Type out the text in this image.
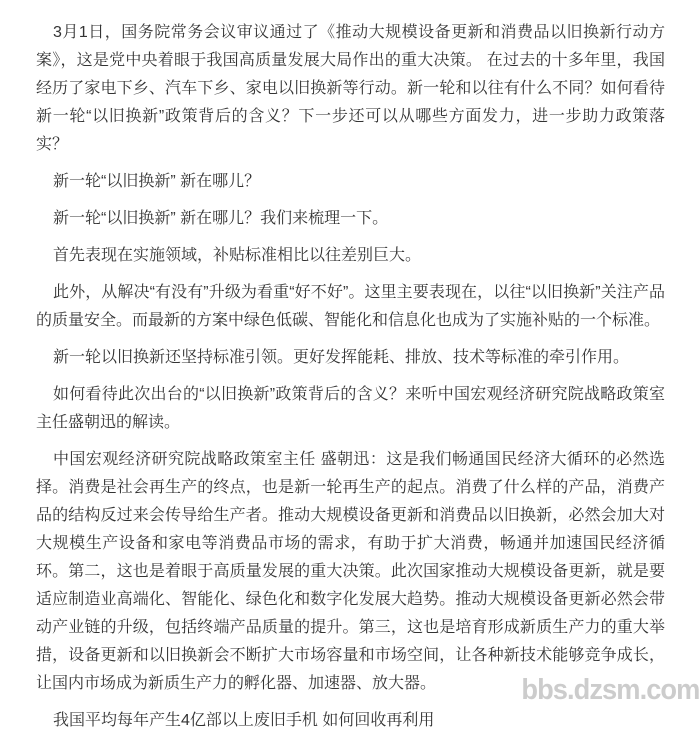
3月1日，国务院常务会议审议通过了《推动大规模设备更新和消费品以旧换新行动方案》，这是党中央着眼于我国高质量发展大局作出的重大决策。 在过去的十多年里，我国经历了家电下乡、汽车下乡、家电以旧换新等行动。新一轮和以往有什么不同？如何看待新一轮“以旧换新”政策背后的含义？下一步还可以从哪些方面发力，进一步助力政策落实？

新一轮“以旧换新” 新在哪儿？

新一轮“以旧换新” 新在哪儿？我们来梳理一下。

首先表现在实施领域，补贴标准相比以往差别巨大。

此外，从解决“有没有”升级为看重“好不好”。这里主要表现在，以往“以旧换新”关注产品的质量安全。而最新的方案中绿色低碳、智能化和信息化也成为了实施补贴的一个标准。

新一轮以旧换新还坚持标准引领。更好发挥能耗、排放、技术等标准的牵引作用。

如何看待此次出台的“以旧换新”政策背后的含义？来听中国宏观经济研究院战略政策室主任盛朝迅的解读。

中国宏观经济研究院战略政策室主任 盛朝迅：这是我们畅通国民经济大循环的必然选择。消费是社会再生产的终点，也是新一轮再生产的起点。消费了什么样的产品，消费产品的结构反过来会传导给生产者。推动大规模设备更新和消费品以旧换新，必然会加大对大规模生产设备和家电等消费品市场的需求，有助于扩大消费，畅通并加速国民经济循环。第二，这也是着眼于高质量发展的重大决策。此次国家推动大规模设备更新，就是要适应制造业高端化、智能化、绿色化和数字化发展大趋势。推动大规模设备更新必然会带动产业链的升级，包括终端产品质量的提升。第三，这也是培育形成新质生产力的重大举措，设备更新和以旧换新会不断扩大市场容量和市场空间，让各种新技术能够竞争成长，让国内市场成为新质生产力的孵化器、加速器、放大器。

我国平均每年产生4亿部以上废旧手机 如何回收再利用

bbs.dzsm.com
